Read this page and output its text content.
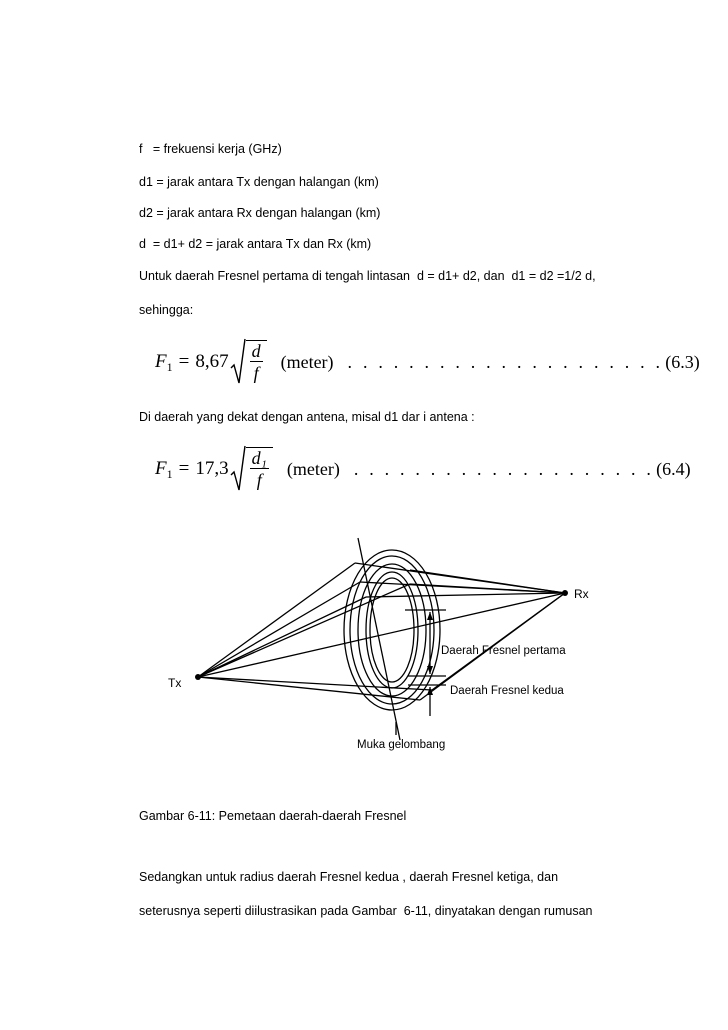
f   = frekuensi kerja (GHz)
d1 = jarak antara Tx dengan halangan (km)
d2 = jarak antara Rx dengan halangan (km)
d  = d1+ d2 = jarak antara Tx dan Rx (km)
Untuk daerah Fresnel pertama di tengah lintasan  d = d1+ d2, dan  d1 = d2 =1/2 d,
sehingga:
F $1 = 8,67 \frac{d}{f}$ (meter) . . . . . . . . . . . . . . . . . . . . . (6.3)
Di daerah yang dekat dengan antena, misal d1 dar i antena :
F $1 = 17,3 \frac{\text{d₁}}{f}$ (meter) . . . . . . . . . . . . . . . . . . . . (6.4)
Tx
Rx
Daerah Fresnel pertama
Daerah Fresnel kedua
Muka gelombang
Gambar 6-11: Pemetaan daerah-daerah Fresnel
Sedangkan untuk radius daerah Fresnel kedua , daerah Fresnel ketiga, dan
seterusnya seperti diilustrasikan pada Gambar  6-11, dinyatakan dengan rumusan
